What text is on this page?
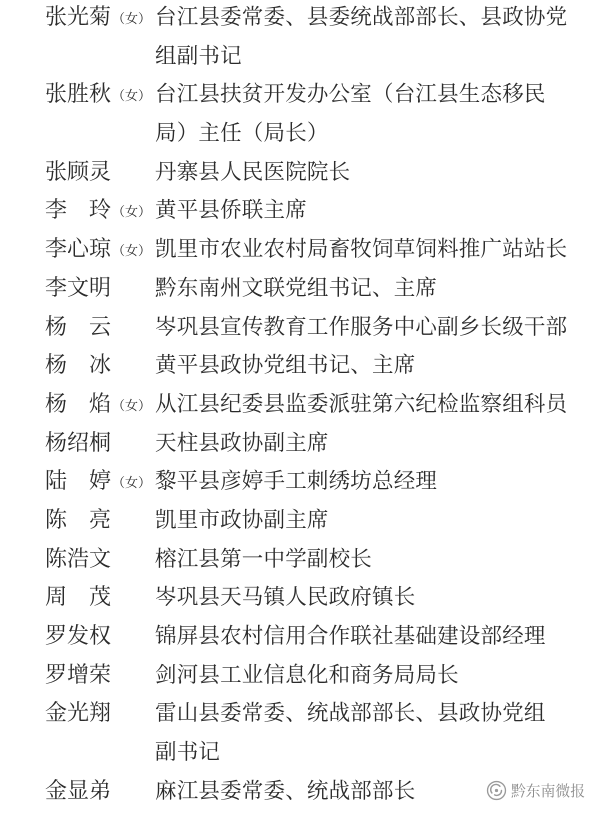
张光菊（女） 台江县委常委、县委统战部部长、县政协党
组副书记
张胜秋（女） 台江县扶贫开发办公室（台江县生态移民
局）主任（局长）
张顾灵	丹寨县人民医院院长
李　玲（女） 黄平县侨联主席
李心琼（女） 凯里市农业农村局畜牧饲草饲料推广站站长
李文明	黔东南州文联党组书记、主席
杨　云	岑巩县宣传教育工作服务中心副乡长级干部
杨　冰	黄平县政协党组书记、主席
杨　焰（女） 从江县纪委县监委派驻第六纪检监察组科员
杨绍桐	天柱县政协副主席
陆　婷（女） 黎平县彦婷手工刺绣坊总经理
陈　亮	凯里市政协副主席
陈浩文	榕江县第一中学副校长
周　茂	岑巩县天马镇人民政府镇长
罗发权	锦屏县农村信用合作联社基础建设部经理
罗增荣	剑河县工业信息化和商务局局长
金光翔	雷山县委常委、统战部部长、县政协党组
副书记
金显弟	麻江县委常委、统战部部长	黔东南微报
